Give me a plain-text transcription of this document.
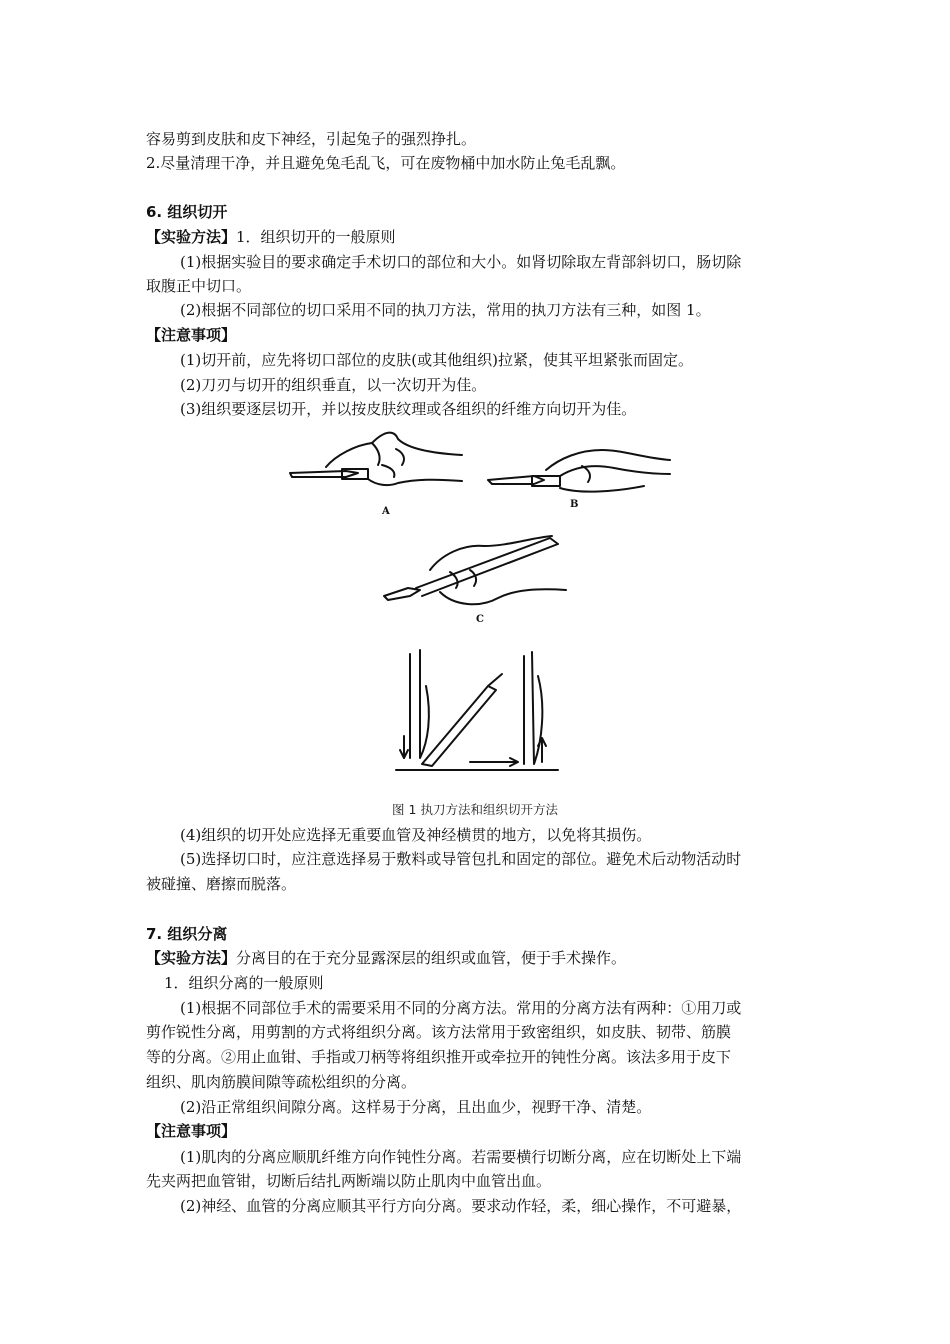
容易剪到皮肤和皮下神经，引起兔子的强烈挣扎。
2.尽量清理干净，并且避免兔毛乱飞，可在废物桶中加水防止兔毛乱飘。
6. 组织切开
【实验方法】1．组织切开的一般原则
(1)根据实验目的要求确定手术切口的部位和大小。如肾切除取左背部斜切口，肠切除
取腹正中切口。
(2)根据不同部位的切口采用不同的执刀方法，常用的执刀方法有三种，如图 1。
【注意事项】
(1)切开前，应先将切口部位的皮肤(或其他组织)拉紧，使其平坦紧张而固定。
(2)刀刃与切开的组织垂直，以一次切开为佳。
(3)组织要逐层切开，并以按皮肤纹理或各组织的纤维方向切开为佳。
A
B
C
图 1 执刀方法和组织切开方法
(4)组织的切开处应选择无重要血管及神经横贯的地方，以免将其损伤。
(5)选择切口时，应注意选择易于敷料或导管包扎和固定的部位。避免术后动物活动时
被碰撞、磨擦而脱落。
7. 组织分离
【实验方法】分离目的在于充分显露深层的组织或血管，便于手术操作。
1．组织分离的一般原则
(1)根据不同部位手术的需要采用不同的分离方法。常用的分离方法有两种：①用刀或
剪作锐性分离，用剪割的方式将组织分离。该方法常用于致密组织，如皮肤、韧带、筋膜
等的分离。②用止血钳、手指或刀柄等将组织推开或牵拉开的钝性分离。该法多用于皮下
组织、肌肉筋膜间隙等疏松组织的分离。
(2)沿正常组织间隙分离。这样易于分离，且出血少，视野干净、清楚。
【注意事项】
(1)肌肉的分离应顺肌纤维方向作钝性分离。若需要横行切断分离，应在切断处上下端
先夹两把血管钳，切断后结扎两断端以防止肌肉中血管出血。
(2)神经、血管的分离应顺其平行方向分离。要求动作轻，柔，细心操作，不可避暴，
